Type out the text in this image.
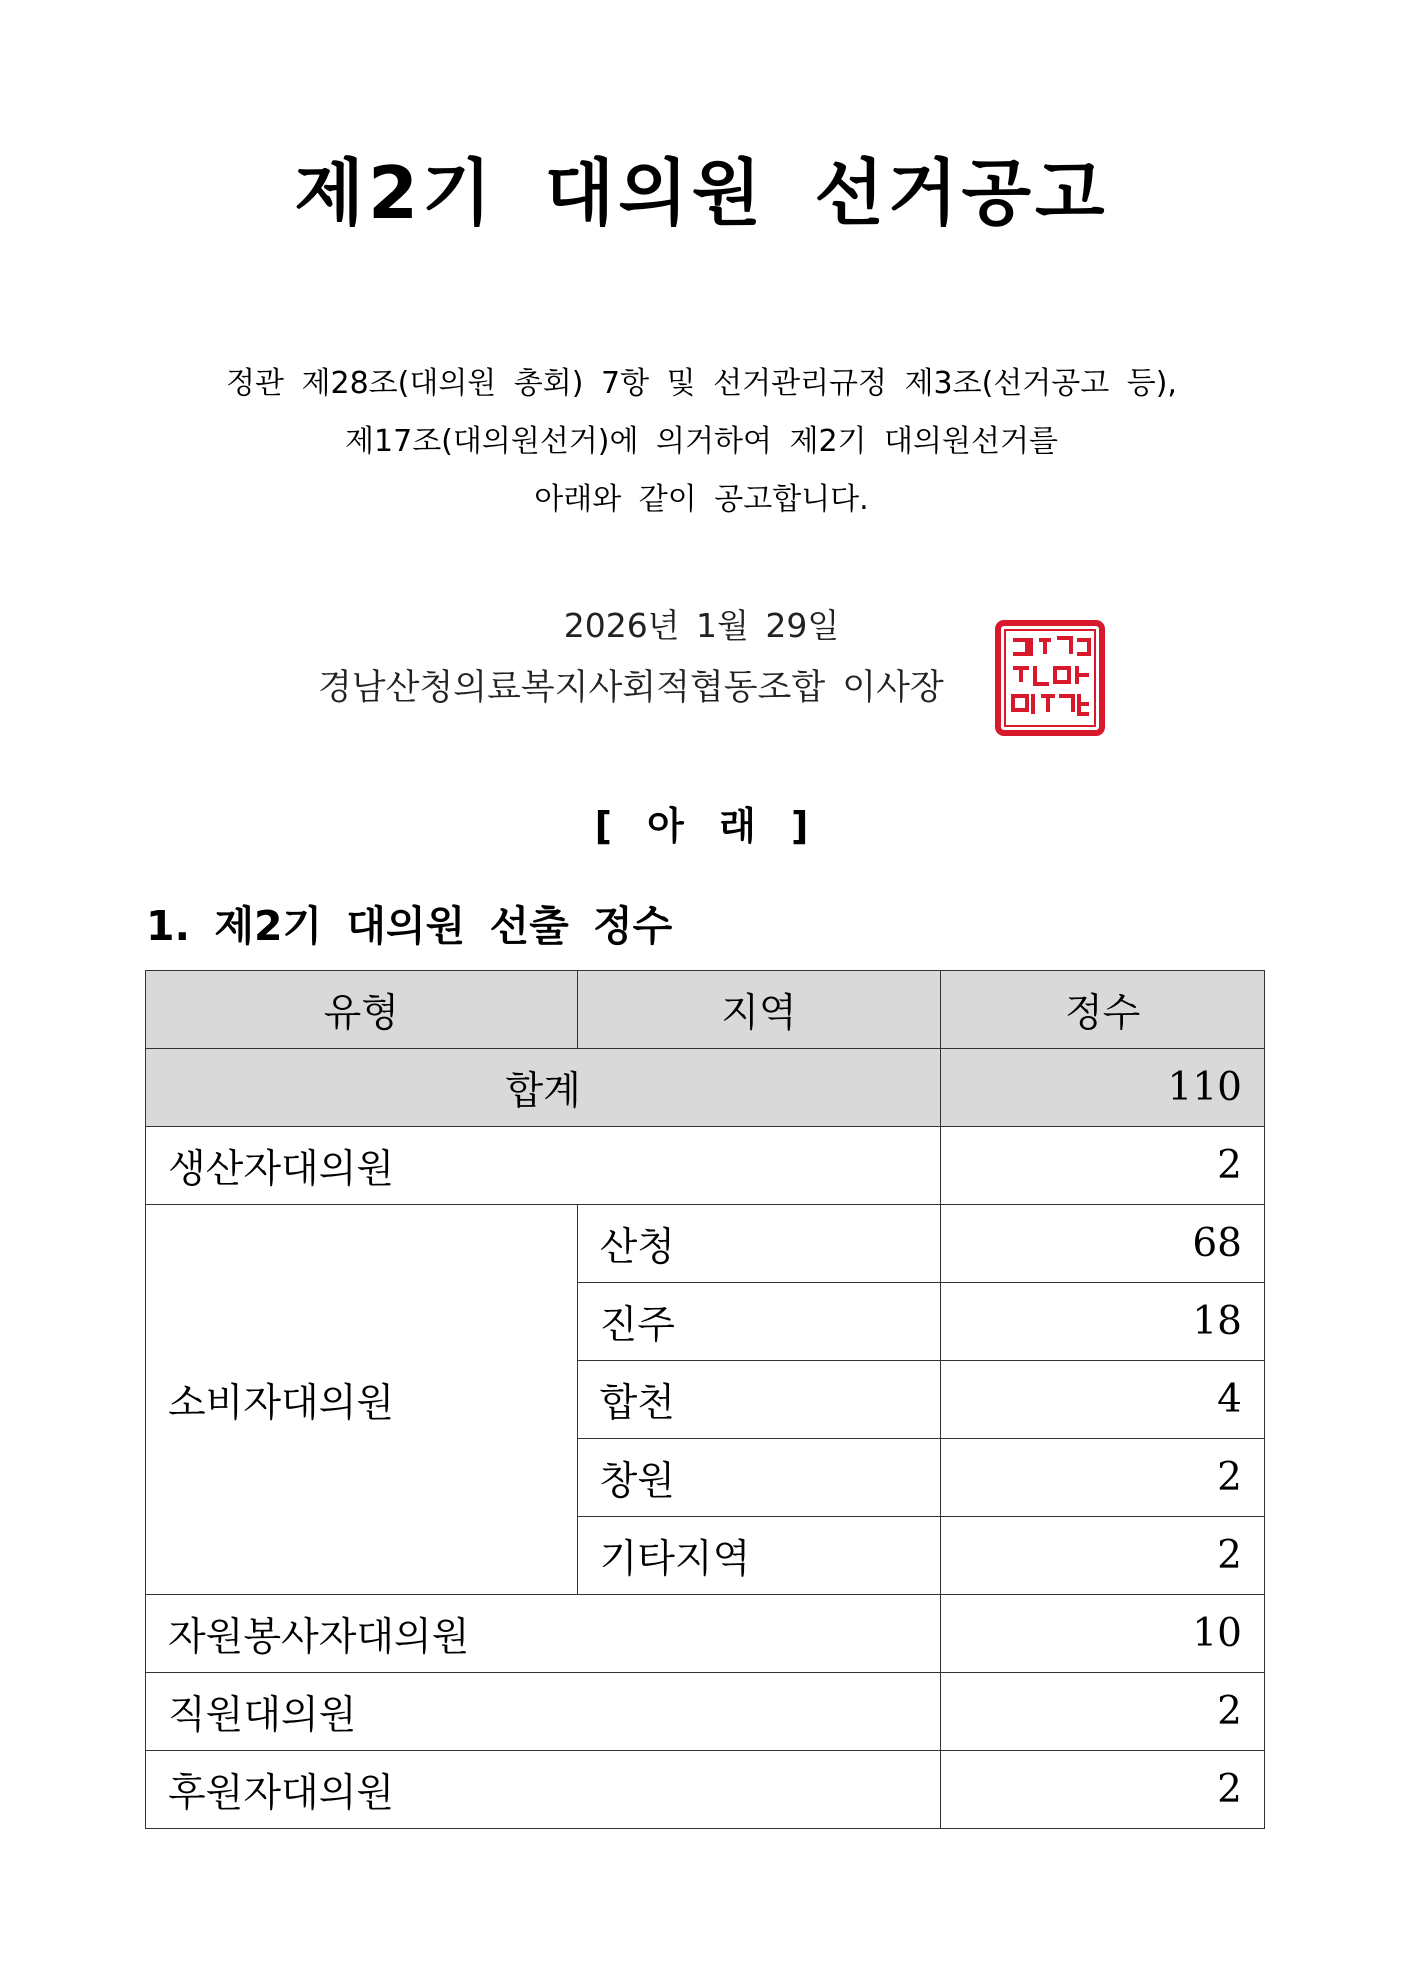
제2기 대의원 선거공고
정관 제28조(대의원 총회) 7항 및 선거관리규정 제3조(선거공고 등),
제17조(대의원선거)에 의거하여 제2기 대의원선거를
아래와 같이 공고합니다.
2026년 1월 29일
경남산청의료복지사회적협동조합 이사장
[ 아 래 ]
1. 제2기 대의원 선출 정수
유형	지역	정수
합계		110
생산자대의원		2
소비자대의원	산청	68
	진주	18
	합천	4
	창원	2
	기타지역	2
자원봉사자대의원		10
직원대의원		2
후원자대의원		2
